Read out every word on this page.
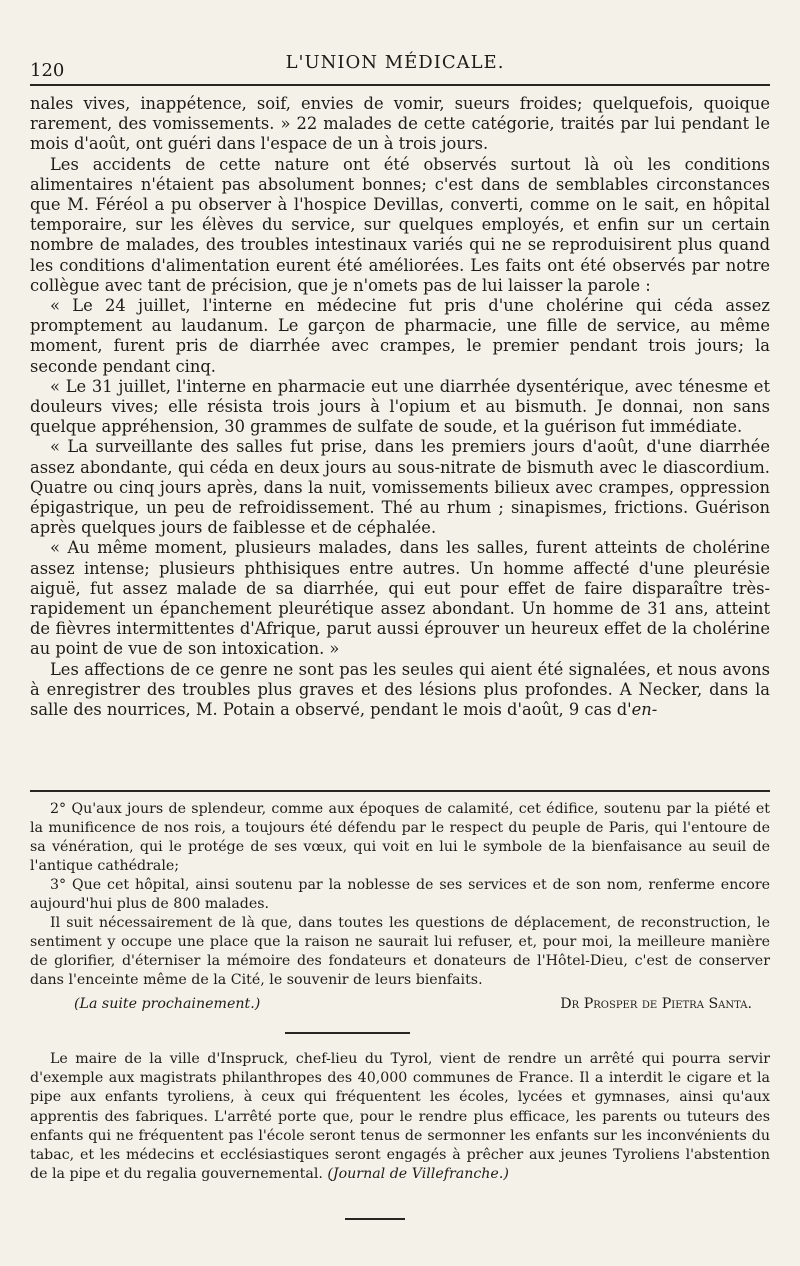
120	L'UNION MÉDICALE.

nales vives, inappétence, soif, envies de vomir, sueurs froides; quelquefois, quoique rarement, des vomissements. » 22 malades de cette catégorie, traités par lui pendant le mois d'août, ont guéri dans l'espace de un à trois jours.

Les accidents de cette nature ont été observés surtout là où les conditions alimentaires n'étaient pas absolument bonnes; c'est dans de semblables circonstances que M. Féréol a pu observer à l'hospice Devillas, converti, comme on le sait, en hôpital temporaire, sur les élèves du service, sur quelques employés, et enfin sur un certain nombre de malades, des troubles intestinaux variés qui ne se reproduisirent plus quand les conditions d'alimentation eurent été améliorées. Les faits ont été observés par notre collègue avec tant de précision, que je n'omets pas de lui laisser la parole :

« Le 24 juillet, l'interne en médecine fut pris d'une cholérine qui céda assez promptement au laudanum. Le garçon de pharmacie, une fille de service, au même moment, furent pris de diarrhée avec crampes, le premier pendant trois jours; la seconde pendant cinq.

« Le 31 juillet, l'interne en pharmacie eut une diarrhée dysentérique, avec ténesme et douleurs vives; elle résista trois jours à l'opium et au bismuth. Je donnai, non sans quelque appréhension, 30 grammes de sulfate de soude, et la guérison fut immédiate.

« La surveillante des salles fut prise, dans les premiers jours d'août, d'une diarrhée assez abondante, qui céda en deux jours au sous-nitrate de bismuth avec le diascordium. Quatre ou cinq jours après, dans la nuit, vomissements bilieux avec crampes, oppression épigastrique, un peu de refroidissement. Thé au rhum ; sinapismes, frictions. Guérison après quelques jours de faiblesse et de céphalée.

« Au même moment, plusieurs malades, dans les salles, furent atteints de cholérine assez intense; plusieurs phthisiques entre autres. Un homme affecté d'une pleurésie aiguë, fut assez malade de sa diarrhée, qui eut pour effet de faire disparaître très-rapidement un épanchement pleurétique assez abondant. Un homme de 31 ans, atteint de fièvres intermittentes d'Afrique, parut aussi éprouver un heureux effet de la cholérine au point de vue de son intoxication. »

Les affections de ce genre ne sont pas les seules qui aient été signalées, et nous avons à enregistrer des troubles plus graves et des lésions plus profondes. A Necker, dans la salle des nourrices, M. Potain a observé, pendant le mois d'août, 9 cas d'en-

2° Qu'aux jours de splendeur, comme aux époques de calamité, cet édifice, soutenu par la piété et la munificence de nos rois, a toujours été défendu par le respect du peuple de Paris, qui l'entoure de sa vénération, qui le protége de ses vœux, qui voit en lui le symbole de la bienfaisance au seuil de l'antique cathédrale;

3° Que cet hôpital, ainsi soutenu par la noblesse de ses services et de son nom, renferme encore aujourd'hui plus de 800 malades.

Il suit nécessairement de là que, dans toutes les questions de déplacement, de reconstruction, le sentiment y occupe une place que la raison ne saurait lui refuser, et, pour moi, la meilleure manière de glorifier, d'éterniser la mémoire des fondateurs et donateurs de l'Hôtel-Dieu, c'est de conserver dans l'enceinte même de la Cité, le souvenir de leurs bienfaits.

(La suite prochainement.)	Dr Prosper de Pietra Santa.

Le maire de la ville d'Inspruck, chef-lieu du Tyrol, vient de rendre un arrêté qui pourra servir d'exemple aux magistrats philanthropes des 40,000 communes de France. Il a interdit le cigare et la pipe aux enfants tyroliens, à ceux qui fréquentent les écoles, lycées et gymnases, ainsi qu'aux apprentis des fabriques. L'arrêté porte que, pour le rendre plus efficace, les parents ou tuteurs des enfants qui ne fréquentent pas l'école seront tenus de sermonner les enfants sur les inconvénients du tabac, et les médecins et ecclésiastiques seront engagés à prêcher aux jeunes Tyroliens l'abstention de la pipe et du regalia gouvernemental. (Journal de Villefranche.)
